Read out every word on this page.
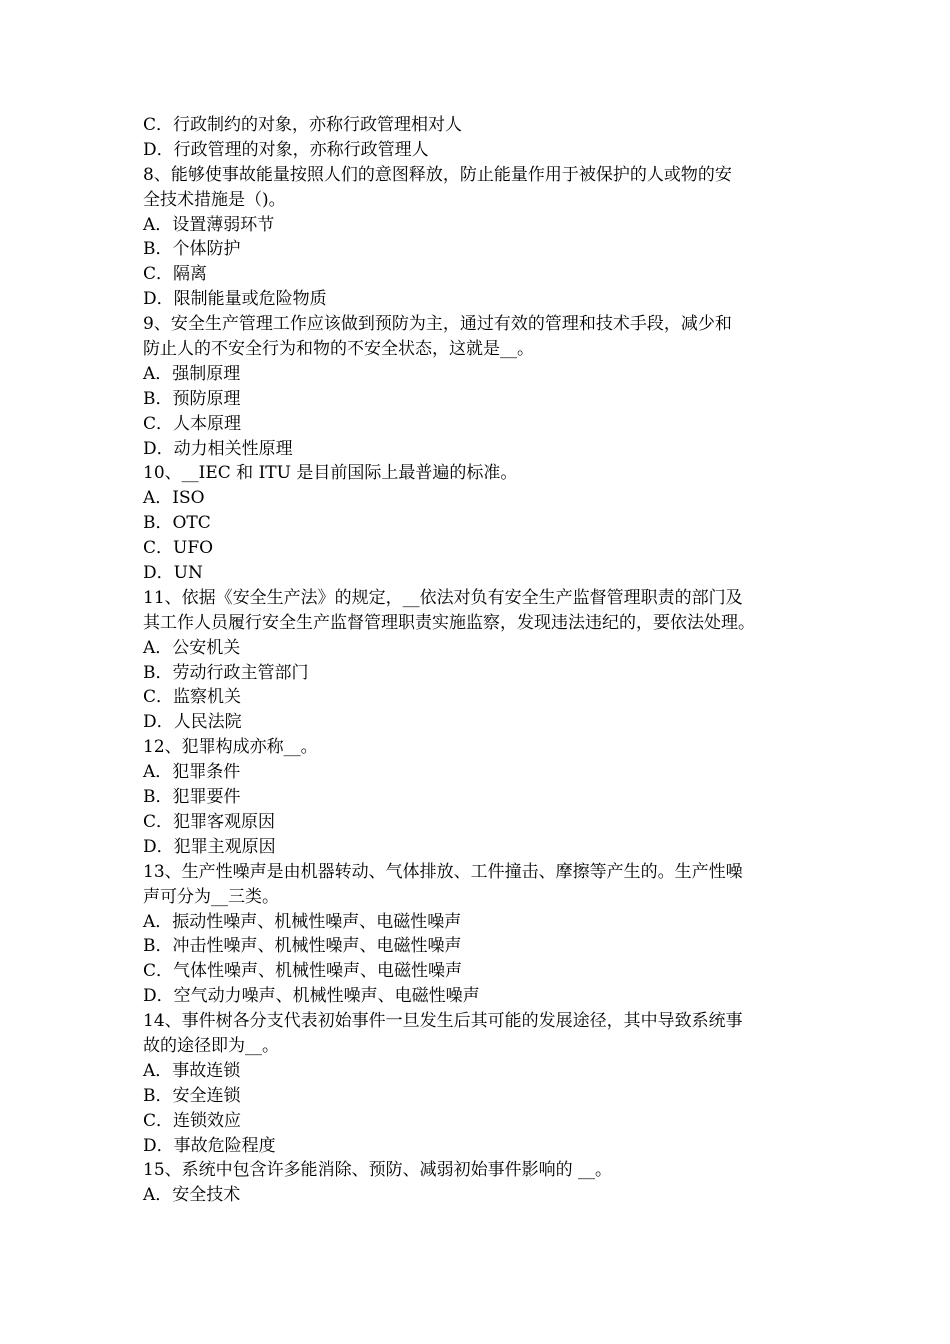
C．行政制约的对象，亦称行政管理相对人
D．行政管理的对象，亦称行政管理人
8、能够使事故能量按照人们的意图释放，防止能量作用于被保护的人或物的安
全技术措施是（)。
A．设置薄弱环节
B．个体防护
C．隔离
D．限制能量或危险物质
9、安全生产管理工作应该做到预防为主，通过有效的管理和技术手段，减少和
防止人的不安全行为和物的不安全状态，这就是__。
A．强制原理
B．预防原理
C．人本原理
D．动力相关性原理
10、__IEC 和 ITU 是目前国际上最普遍的标准。
A．ISO
B．OTC
C．UFO
D．UN
11、依据《安全生产法》的规定，__依法对负有安全生产监督管理职责的部门及
其工作人员履行安全生产监督管理职责实施监察，发现违法违纪的，要依法处理。
A．公安机关
B．劳动行政主管部门
C．监察机关
D．人民法院
12、犯罪构成亦称__。
A．犯罪条件
B．犯罪要件
C．犯罪客观原因
D．犯罪主观原因
13、生产性噪声是由机器转动、气体排放、工件撞击、摩擦等产生的。生产性噪
声可分为__三类。
A．振动性噪声、机械性噪声、电磁性噪声
B．冲击性噪声、机械性噪声、电磁性噪声
C．气体性噪声、机械性噪声、电磁性噪声
D．空气动力噪声、机械性噪声、电磁性噪声
14、事件树各分支代表初始事件一旦发生后其可能的发展途径，其中导致系统事
故的途径即为__。
A．事故连锁
B．安全连锁
C．连锁效应
D．事故危险程度
15、系统中包含许多能消除、预防、减弱初始事件影响的 __。
A．安全技术
